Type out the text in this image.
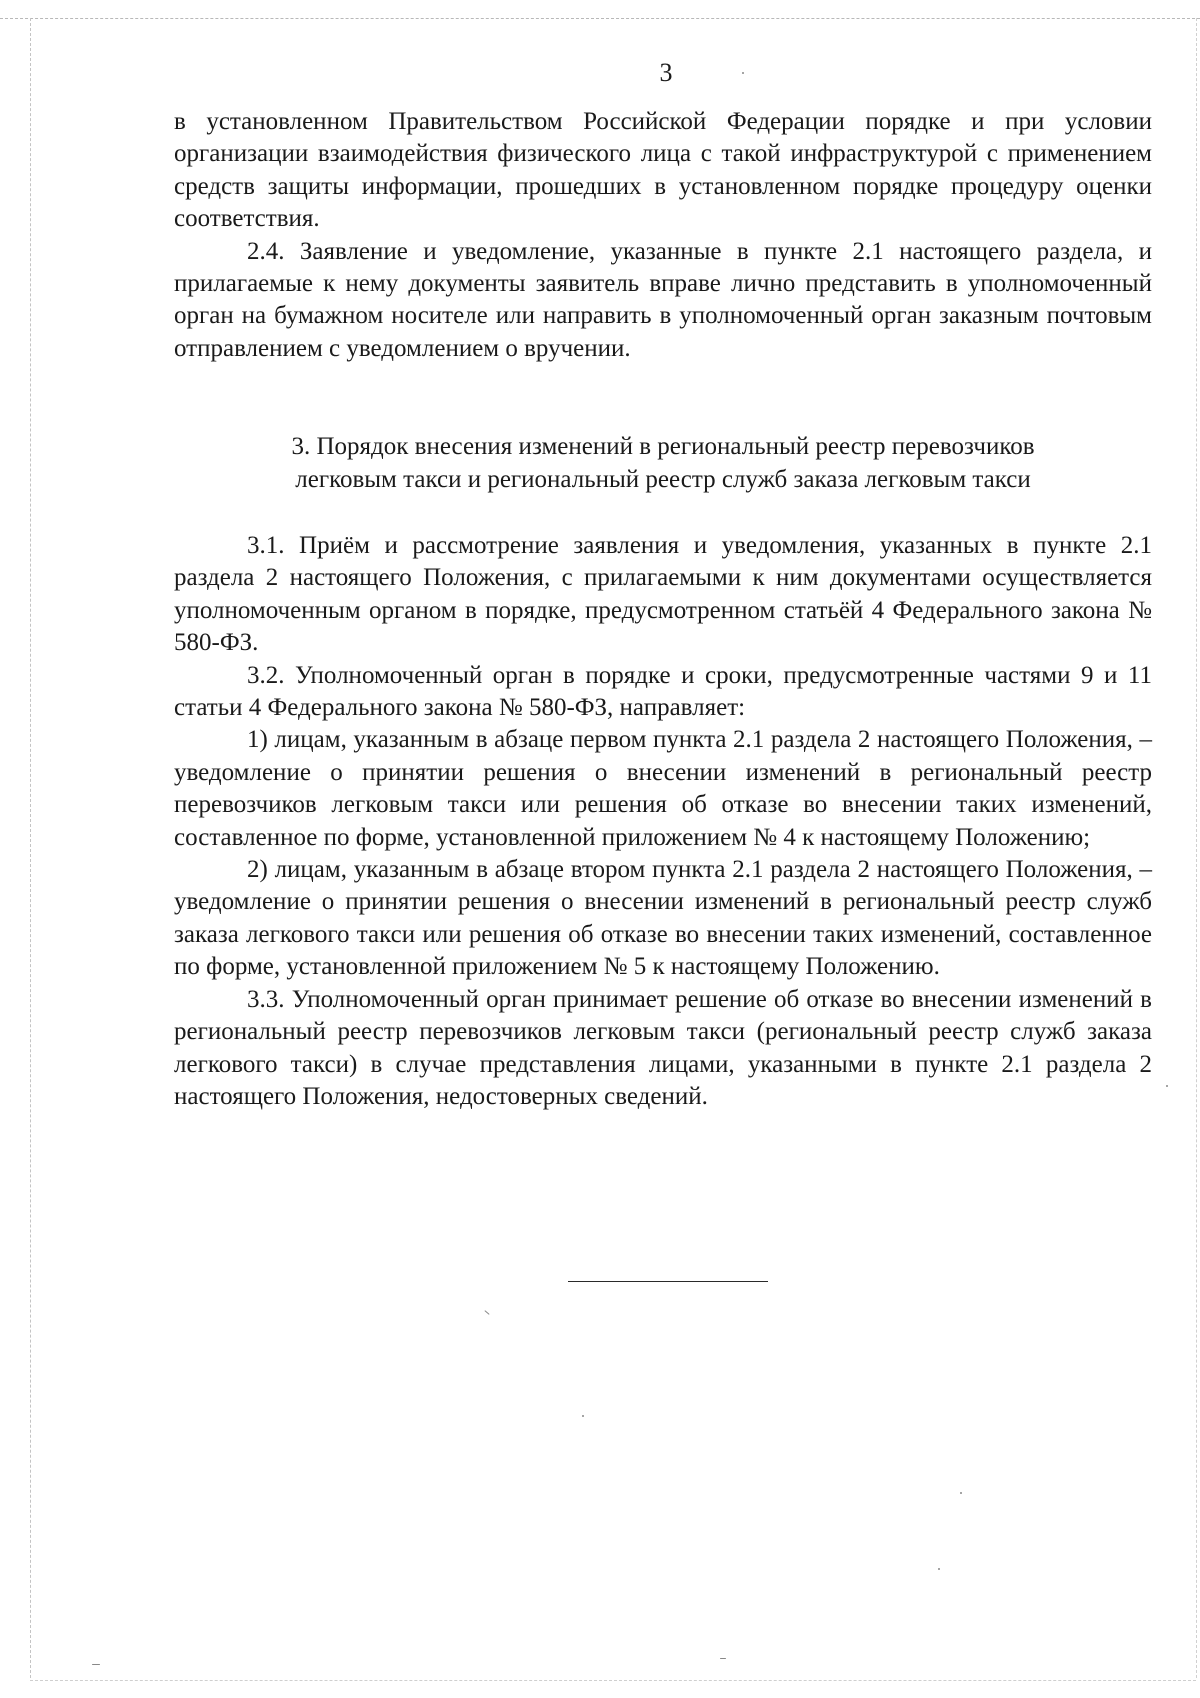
3

в установленном Правительством Российской Федерации порядке и при условии организации взаимодействия физического лица с такой инфраструктурой с применением средств защиты информации, прошедших в установленном порядке процедуру оценки соответствия.

2.4. Заявление и уведомление, указанные в пункте 2.1 настоящего раздела, и прилагаемые к нему документы заявитель вправе лично представить в уполномоченный орган на бумажном носителе или направить в уполномоченный орган заказным почтовым отправлением с уведомлением о вручении.

3. Порядок внесения изменений в региональный реестр перевозчиков
легковым такси и региональный реестр служб заказа легковым такси

3.1. Приём и рассмотрение заявления и уведомления, указанных в пункте 2.1 раздела 2 настоящего Положения, с прилагаемыми к ним документами осуществляется уполномоченным органом в порядке, предусмотренном статьёй 4 Федерального закона № 580-ФЗ.

3.2. Уполномоченный орган в порядке и сроки, предусмотренные частями 9 и 11 статьи 4 Федерального закона № 580-ФЗ, направляет:

1) лицам, указанным в абзаце первом пункта 2.1 раздела 2 настоящего Положения, – уведомление о принятии решения о внесении изменений в региональный реестр перевозчиков легковым такси или решения об отказе во внесении таких изменений, составленное по форме, установленной приложением № 4 к настоящему Положению;

2) лицам, указанным в абзаце втором пункта 2.1 раздела 2 настоящего Положения, – уведомление о принятии решения о внесении изменений в региональный реестр служб заказа легкового такси или решения об отказе во внесении таких изменений, составленное по форме, установленной приложением № 5 к настоящему Положению.

3.3. Уполномоченный орган принимает решение об отказе во внесении изменений в региональный реестр перевозчиков легковым такси (региональный реестр служб заказа легкового такси) в случае представления лицами, указанными в пункте 2.1 раздела 2 настоящего Положения, недостоверных сведений.
